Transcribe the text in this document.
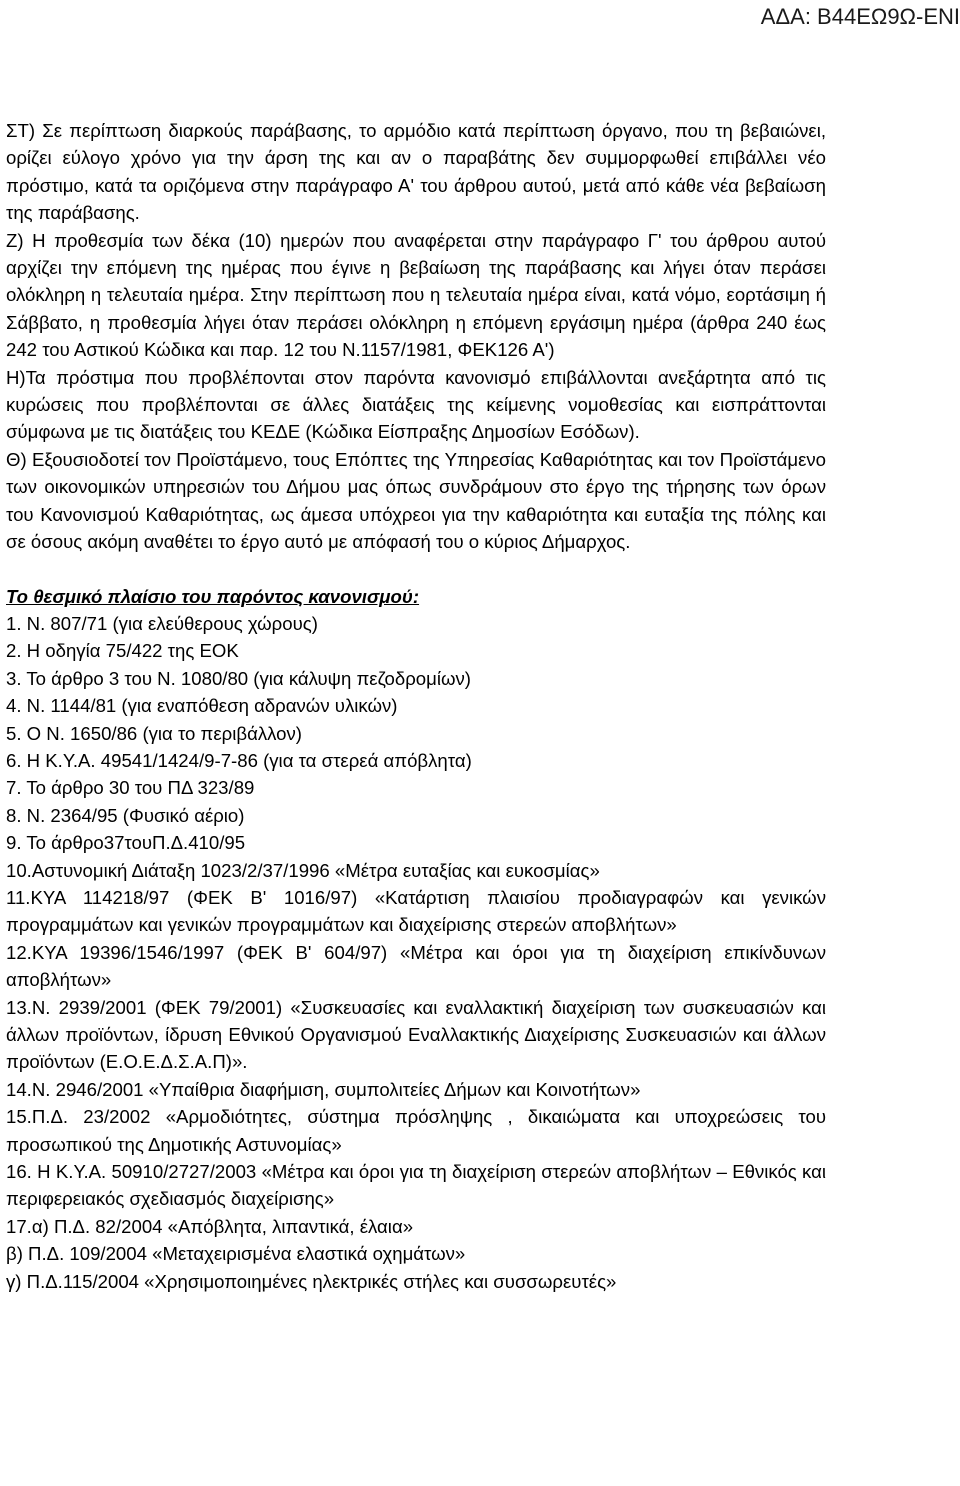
ΑΔΑ: Β44ΕΩ9Ω-ΕΝΙ

ΣΤ) Σε περίπτωση διαρκούς παράβασης, το αρμόδιο κατά περίπτωση όργανο, που τη βεβαιώνει, ορίζει εύλογο χρόνο για την άρση της και αν ο παραβάτης δεν συμμορφωθεί επιβάλλει νέο πρόστιμο, κατά τα οριζόμενα στην παράγραφο Α' του άρθρου αυτού, μετά από κάθε νέα βεβαίωση της παράβασης.

Ζ) Η προθεσμία των δέκα (10) ημερών που αναφέρεται στην παράγραφο Γ' του άρθρου αυτού αρχίζει την επόμενη της ημέρας που έγινε η βεβαίωση της παράβασης και λήγει όταν περάσει ολόκληρη η τελευταία ημέρα. Στην περίπτωση που η τελευταία ημέρα είναι, κατά νόμο, εορτάσιμη ή Σάββατο, η προθεσμία λήγει όταν περάσει ολόκληρη η επόμενη εργάσιμη ημέρα (άρθρα 240 έως 242 του Αστικού Κώδικα και παρ. 12 του Ν.1157/1981, ΦΕΚ126 Α')

Η)Τα πρόστιμα που προβλέπονται στον παρόντα κανονισμό επιβάλλονται ανεξάρτητα από τις κυρώσεις που προβλέπονται σε άλλες διατάξεις της κείμενης νομοθεσίας και εισπράττονται σύμφωνα με τις διατάξεις του ΚΕΔΕ (Κώδικα Είσπραξης Δημοσίων Εσόδων).

Θ) Εξουσιοδοτεί τον Προϊστάμενο, τους Επόπτες της Υπηρεσίας Καθαριότητας και τον Προϊστάμενο των οικονομικών υπηρεσιών του Δήμου μας όπως συνδράμουν στο έργο της τήρησης των όρων του Κανονισμού Καθαριότητας, ως άμεσα υπόχρεοι για την καθαριότητα και ευταξία της πόλης και σε όσους ακόμη αναθέτει το έργο αυτό με απόφασή του ο κύριος Δήμαρχος.

Το θεσμικό πλαίσιο του παρόντος κανονισμού:

1. Ν. 807/71 (για ελεύθερους χώρους)

2. Η οδηγία 75/422 της ΕΟΚ

3. Το άρθρο 3 του Ν. 1080/80 (για κάλυψη πεζοδρομίων)

4. Ν. 1144/81 (για εναπόθεση αδρανών υλικών)

5. Ο Ν. 1650/86 (για το περιβάλλον)

6. Η Κ.Υ.Α. 49541/1424/9-7-86 (για τα στερεά απόβλητα)

7. Το άρθρο 30 του ΠΔ 323/89

8. Ν. 2364/95 (Φυσικό αέριο)

9. Το άρθρο37τουΠ.Δ.410/95

10.Αστυνομική Διάταξη 1023/2/37/1996 «Μέτρα ευταξίας και ευκοσμίας»

11.ΚΥΑ 114218/97 (ΦΕΚ Β' 1016/97) «Κατάρτιση πλαισίου προδιαγραφών και γενικών προγραμμάτων και γενικών προγραμμάτων και διαχείρισης στερεών αποβλήτων»

12.ΚΥΑ 19396/1546/1997 (ΦΕΚ Β' 604/97) «Μέτρα και όροι για τη διαχείριση επικίνδυνων αποβλήτων»

13.Ν. 2939/2001 (ΦΕΚ 79/2001) «Συσκευασίες και εναλλακτική διαχείριση των συσκευασιών και άλλων προϊόντων, ίδρυση Εθνικού Οργανισμού Εναλλακτικής Διαχείρισης Συσκευασιών και άλλων προϊόντων (Ε.Ο.Ε.Δ.Σ.Α.Π)».

14.Ν. 2946/2001 «Υπαίθρια διαφήμιση, συμπολιτείες Δήμων και Κοινοτήτων»

15.Π.Δ. 23/2002 «Αρμοδιότητες, σύστημα πρόσληψης , δικαιώματα και υποχρεώσεις του προσωπικού της Δημοτικής Αστυνομίας»

16. Η Κ.Υ.Α. 50910/2727/2003 «Μέτρα και όροι για τη διαχείριση στερεών αποβλήτων – Εθνικός και περιφερειακός σχεδιασμός διαχείρισης»

17.α) Π.Δ. 82/2004 «Απόβλητα, λιπαντικά, έλαια»

β) Π.Δ. 109/2004 «Μεταχειρισμένα ελαστικά οχημάτων»

γ) Π.Δ.115/2004 «Χρησιμοποιημένες ηλεκτρικές στήλες και συσσωρευτές»
